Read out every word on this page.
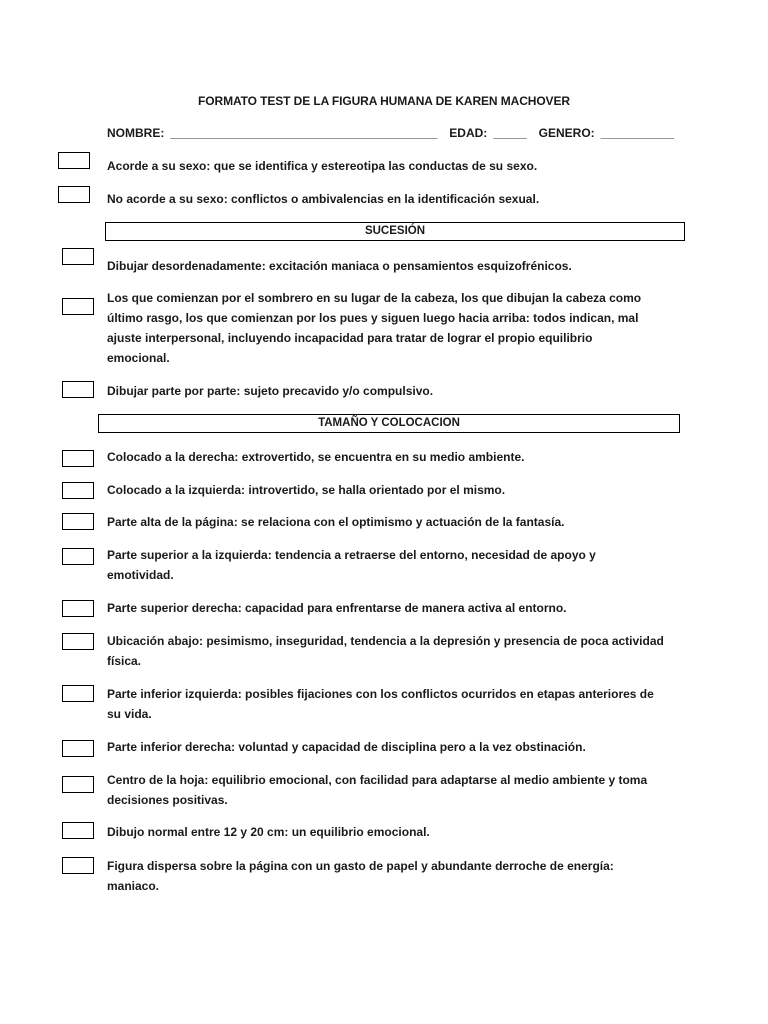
FORMATO TEST DE LA FIGURA HUMANA DE KAREN MACHOVER
NOMBRE: ________________________________________ EDAD: _____ GENERO: ___________
Acorde a su sexo: que se identifica y estereotipa las conductas de su sexo.
No acorde a su sexo: conflictos o ambivalencias en la identificación sexual.
SUCESIÓN
Dibujar desordenadamente: excitación maniaca o pensamientos esquizofrénicos.
Los que comienzan por el sombrero en su lugar de la cabeza, los que dibujan la cabeza como último rasgo, los que comienzan por los pues y siguen luego hacia arriba: todos indican, mal ajuste interpersonal, incluyendo incapacidad para tratar de lograr el propio equilibrio emocional.
Dibujar parte por parte: sujeto precavido y/o compulsivo.
TAMAÑO Y COLOCACION
Colocado a la derecha: extrovertido, se encuentra en su medio ambiente.
Colocado a la izquierda: introvertido, se halla orientado por el mismo.
Parte alta de la página: se relaciona con el optimismo y actuación de la fantasía.
Parte superior a la izquierda: tendencia a retraerse del entorno, necesidad de apoyo y emotividad.
Parte superior derecha: capacidad para enfrentarse de manera activa al entorno.
Ubicación abajo: pesimismo, inseguridad, tendencia a la depresión y presencia de poca actividad física.
Parte inferior izquierda: posibles fijaciones con los conflictos ocurridos en etapas anteriores de su vida.
Parte inferior derecha: voluntad y capacidad de disciplina pero a la vez obstinación.
Centro de la hoja: equilibrio emocional, con facilidad para adaptarse al medio ambiente y toma decisiones positivas.
Dibujo normal entre 12 y 20 cm: un equilibrio emocional.
Figura dispersa sobre la página con un gasto de papel y abundante derroche de energía: maniaco.
